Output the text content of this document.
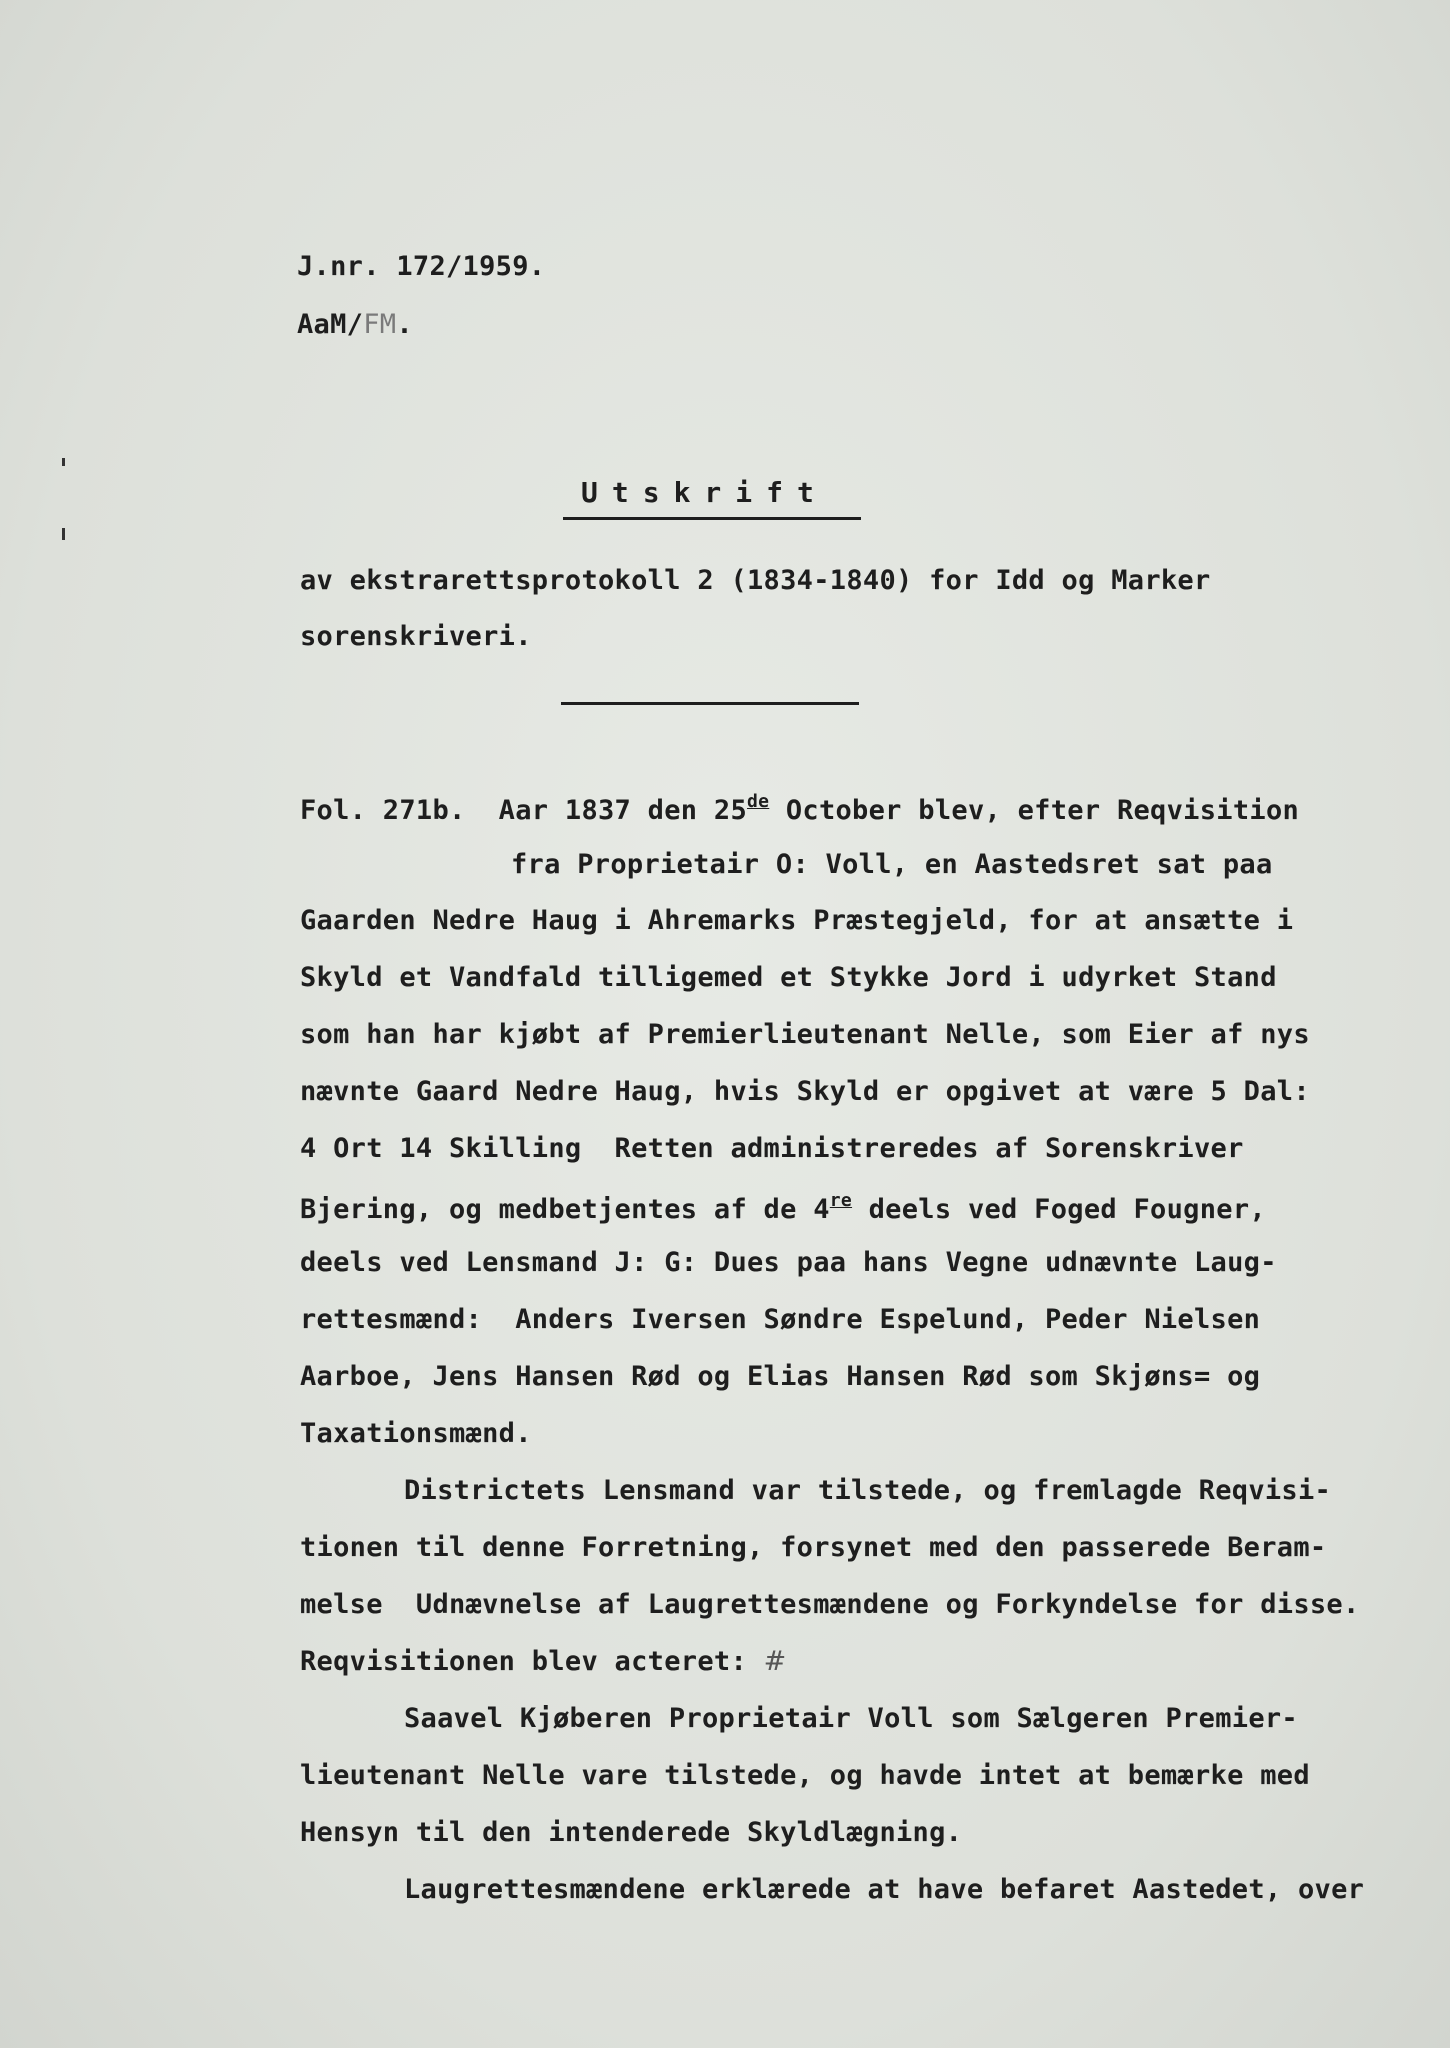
J.nr. 172/1959.
AaM/FM.
Utskrift
av ekstrarettsprotokoll 2 (1834-1840) for Idd og Marker
sorenskriveri.
Fol. 271b.  Aar 1837 den 25de October blev, efter Reqvisition
fra Proprietair O: Voll, en Aastedsret sat paa
Gaarden Nedre Haug i Ahremarks Præstegjeld, for at ansætte i
Skyld et Vandfald tilligemed et Stykke Jord i udyrket Stand
som han har kjøbt af Premierlieutenant Nelle, som Eier af nys
nævnte Gaard Nedre Haug, hvis Skyld er opgivet at være 5 Dal:
4 Ort 14 Skilling  Retten administreredes af Sorenskriver
Bjering, og medbetjentes af de 4re deels ved Foged Fougner,
deels ved Lensmand J: G: Dues paa hans Vegne udnævnte Laug-
rettesmænd:  Anders Iversen Søndre Espelund, Peder Nielsen
Aarboe, Jens Hansen Rød og Elias Hansen Rød som Skjøns= og
Taxationsmænd.
Districtets Lensmand var tilstede, og fremlagde Reqvisi-
tionen til denne Forretning, forsynet med den passerede Beram-
melse  Udnævnelse af Laugrettesmændene og Forkyndelse for disse.
Reqvisitionen blev acteret: #
Saavel Kjøberen Proprietair Voll som Sælgeren Premier-
lieutenant Nelle vare tilstede, og havde intet at bemærke med
Hensyn til den intenderede Skyldlægning.
Laugrettesmændene erklærede at have befaret Aastedet, over
